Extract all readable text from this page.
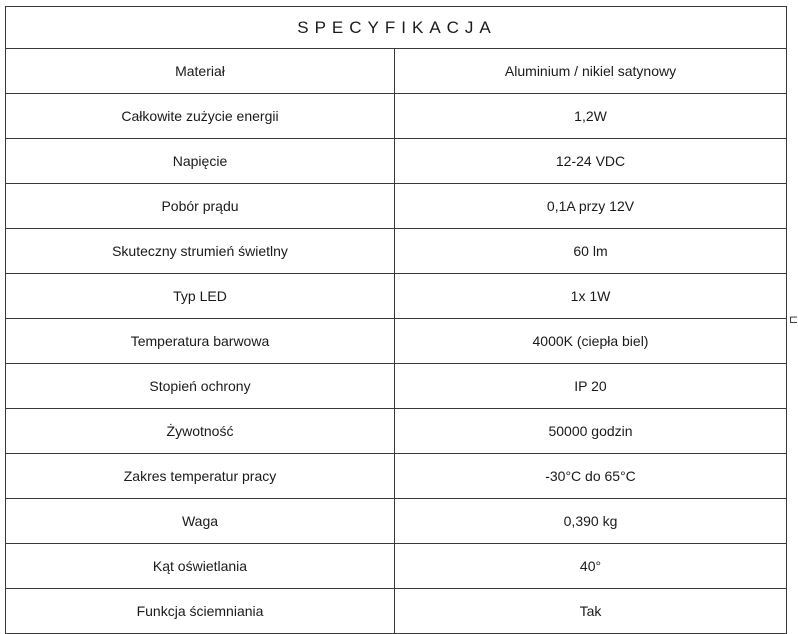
SPECYFIKACJA	
Materiał	Aluminium / nikiel satynowy
Całkowite zużycie energii	1,2W
Napięcie	12-24 VDC
Pobór prądu	0,1A przy 12V
Skuteczny strumień świetlny	60 lm
Typ LED	1x 1W
Temperatura barwowa	4000K (ciepła biel)
Stopień ochrony	IP 20
Żywotność	50000 godzin
Zakres temperatur pracy	-30°C do 65°C
Waga	0,390 kg
Kąt oświetlania	40°
Funkcja ściemniania	Tak
⊏
